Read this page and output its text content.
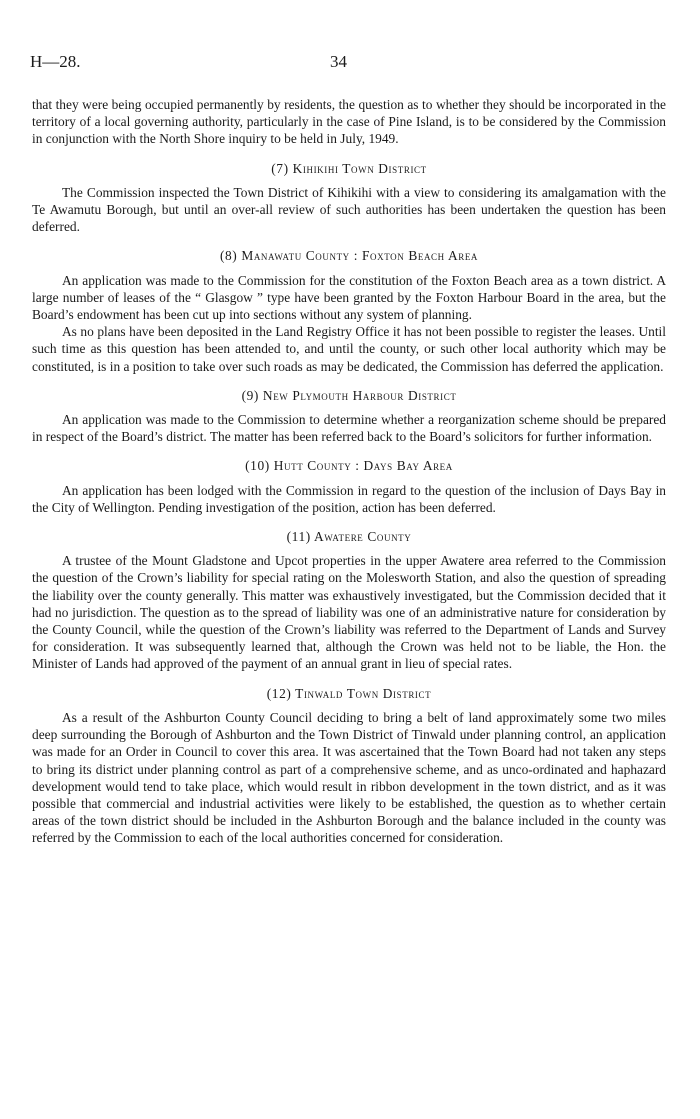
H—28.	34

that they were being occupied permanently by residents, the question as to whether they should be incorporated in the territory of a local governing authority, particularly in the case of Pine Island, is to be considered by the Commission in conjunction with the North Shore inquiry to be held in July, 1949.

(7) Kihikihi Town District

The Commission inspected the Town District of Kihikihi with a view to considering its amalgamation with the Te Awamutu Borough, but until an over-all review of such authorities has been undertaken the question has been deferred.

(8) Manawatu County : Foxton Beach Area

An application was made to the Commission for the constitution of the Foxton Beach area as a town district. A large number of leases of the “ Glasgow ” type have been granted by the Foxton Harbour Board in the area, but the Board’s endowment has been cut up into sections without any system of planning.

As no plans have been deposited in the Land Registry Office it has not been possible to register the leases. Until such time as this question has been attended to, and until the county, or such other local authority which may be constituted, is in a position to take over such roads as may be dedicated, the Commission has deferred the application.

(9) New Plymouth Harbour District

An application was made to the Commission to determine whether a reorganization scheme should be prepared in respect of the Board’s district. The matter has been referred back to the Board’s solicitors for further information.

(10) Hutt County : Days Bay Area

An application has been lodged with the Commission in regard to the question of the inclusion of Days Bay in the City of Wellington. Pending investigation of the position, action has been deferred.

(11) Awatere County

A trustee of the Mount Gladstone and Upcot properties in the upper Awatere area referred to the Commission the question of the Crown’s liability for special rating on the Molesworth Station, and also the question of spreading the liability over the county generally. This matter was exhaustively investigated, but the Commission decided that it had no jurisdiction. The question as to the spread of liability was one of an administrative nature for consideration by the County Council, while the question of the Crown’s liability was referred to the Department of Lands and Survey for consideration. It was subsequently learned that, although the Crown was held not to be liable, the Hon. the Minister of Lands had approved of the payment of an annual grant in lieu of special rates.

(12) Tinwald Town District

As a result of the Ashburton County Council deciding to bring a belt of land approximately some two miles deep surrounding the Borough of Ashburton and the Town District of Tinwald under planning control, an application was made for an Order in Council to cover this area. It was ascertained that the Town Board had not taken any steps to bring its district under planning control as part of a comprehensive scheme, and as unco-ordinated and haphazard development would tend to take place, which would result in ribbon development in the town district, and as it was possible that commercial and industrial activities were likely to be established, the question as to whether certain areas of the town district should be included in the Ashburton Borough and the balance included in the county was referred by the Commission to each of the local authorities concerned for consideration.
